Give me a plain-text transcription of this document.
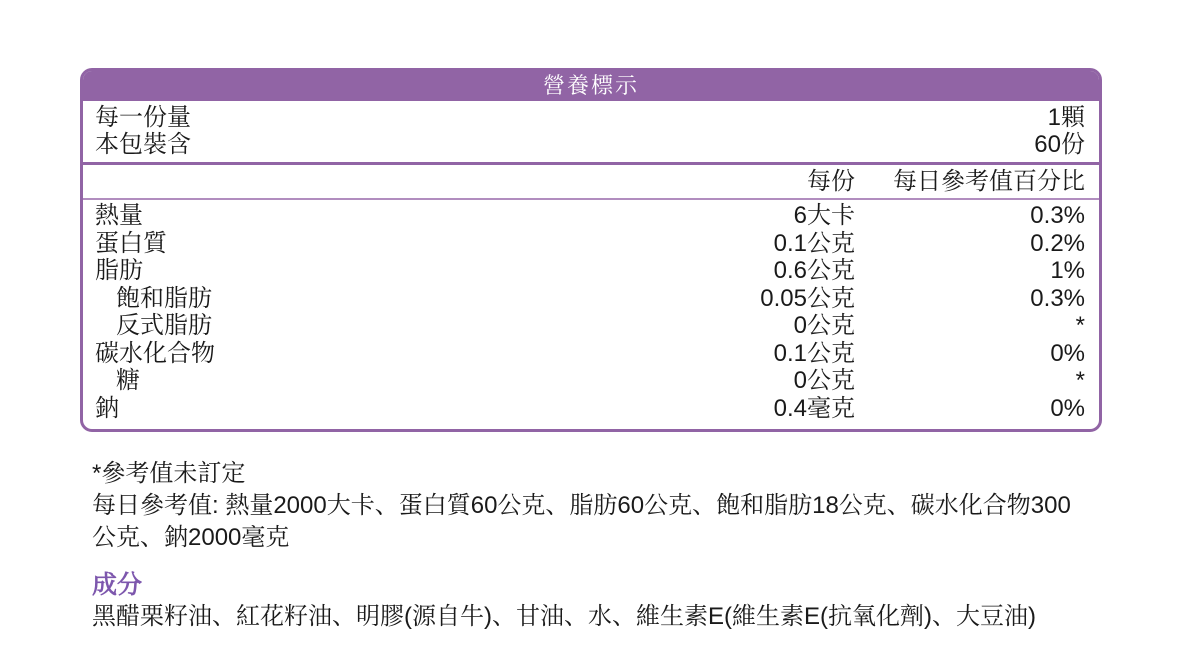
營養標示
每一份量	1顆
本包裝含	60份
每份	每日參考值百分比
熱量	6大卡	0.3%
蛋白質	0.1公克	0.2%
脂肪	0.6公克	1%
飽和脂肪	0.05公克	0.3%
反式脂肪	0公克	*
碳水化合物	0.1公克	0%
糖	0公克	*
鈉	0.4毫克	0%

*參考值未訂定

每日參考值: 熱量2000大卡、蛋白質60公克、脂肪60公克、飽和脂肪18公克、碳水化合物300公克、鈉2000毫克

成分

黑醋栗籽油、紅花籽油、明膠(源自牛)、甘油、水、維生素E(維生素E(抗氧化劑)、大豆油)
